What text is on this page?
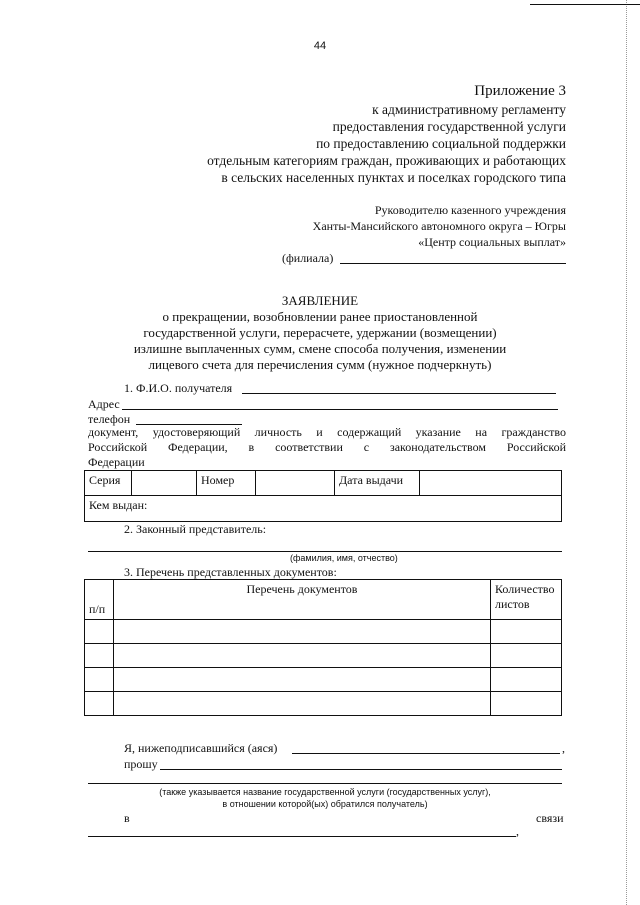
44
Приложение 3
к административному регламенту
предоставления государственной услуги
по предоставлению социальной поддержки
отдельным категориям граждан, проживающих и работающих
в сельских населенных пунктах и поселках городского типа
Руководителю казенного учреждения
Ханты-Мансийского автономного округа – Югры
«Центр социальных выплат»
(филиала)
ЗАЯВЛЕНИЕ
о прекращении, возобновлении ранее приостановленной
государственной услуги, перерасчете, удержании (возмещении)
излишне выплаченных сумм, смене способа получения, изменении
лицевого счета для перечисления сумм (нужное подчеркнуть)
1. Ф.И.О. получателя
Адрес
телефон
документ, удостоверяющий личность и содержащий указание на гражданство
Российской Федерации, в соответствии с законодательством Российской
Федерации
Серия		Номер		Дата выдачи	
Кем выдан:
2. Законный представитель:
(фамилия, имя, отчество)
3. Перечень представленных документов:
п/п	Перечень документов	Количество листов

Я, нижеподписавшийся (аяся)	,
прошу
(также указывается название государственной услуги (государственных услуг),
в отношении которой(ых) обратился получатель)
в	связи
,
